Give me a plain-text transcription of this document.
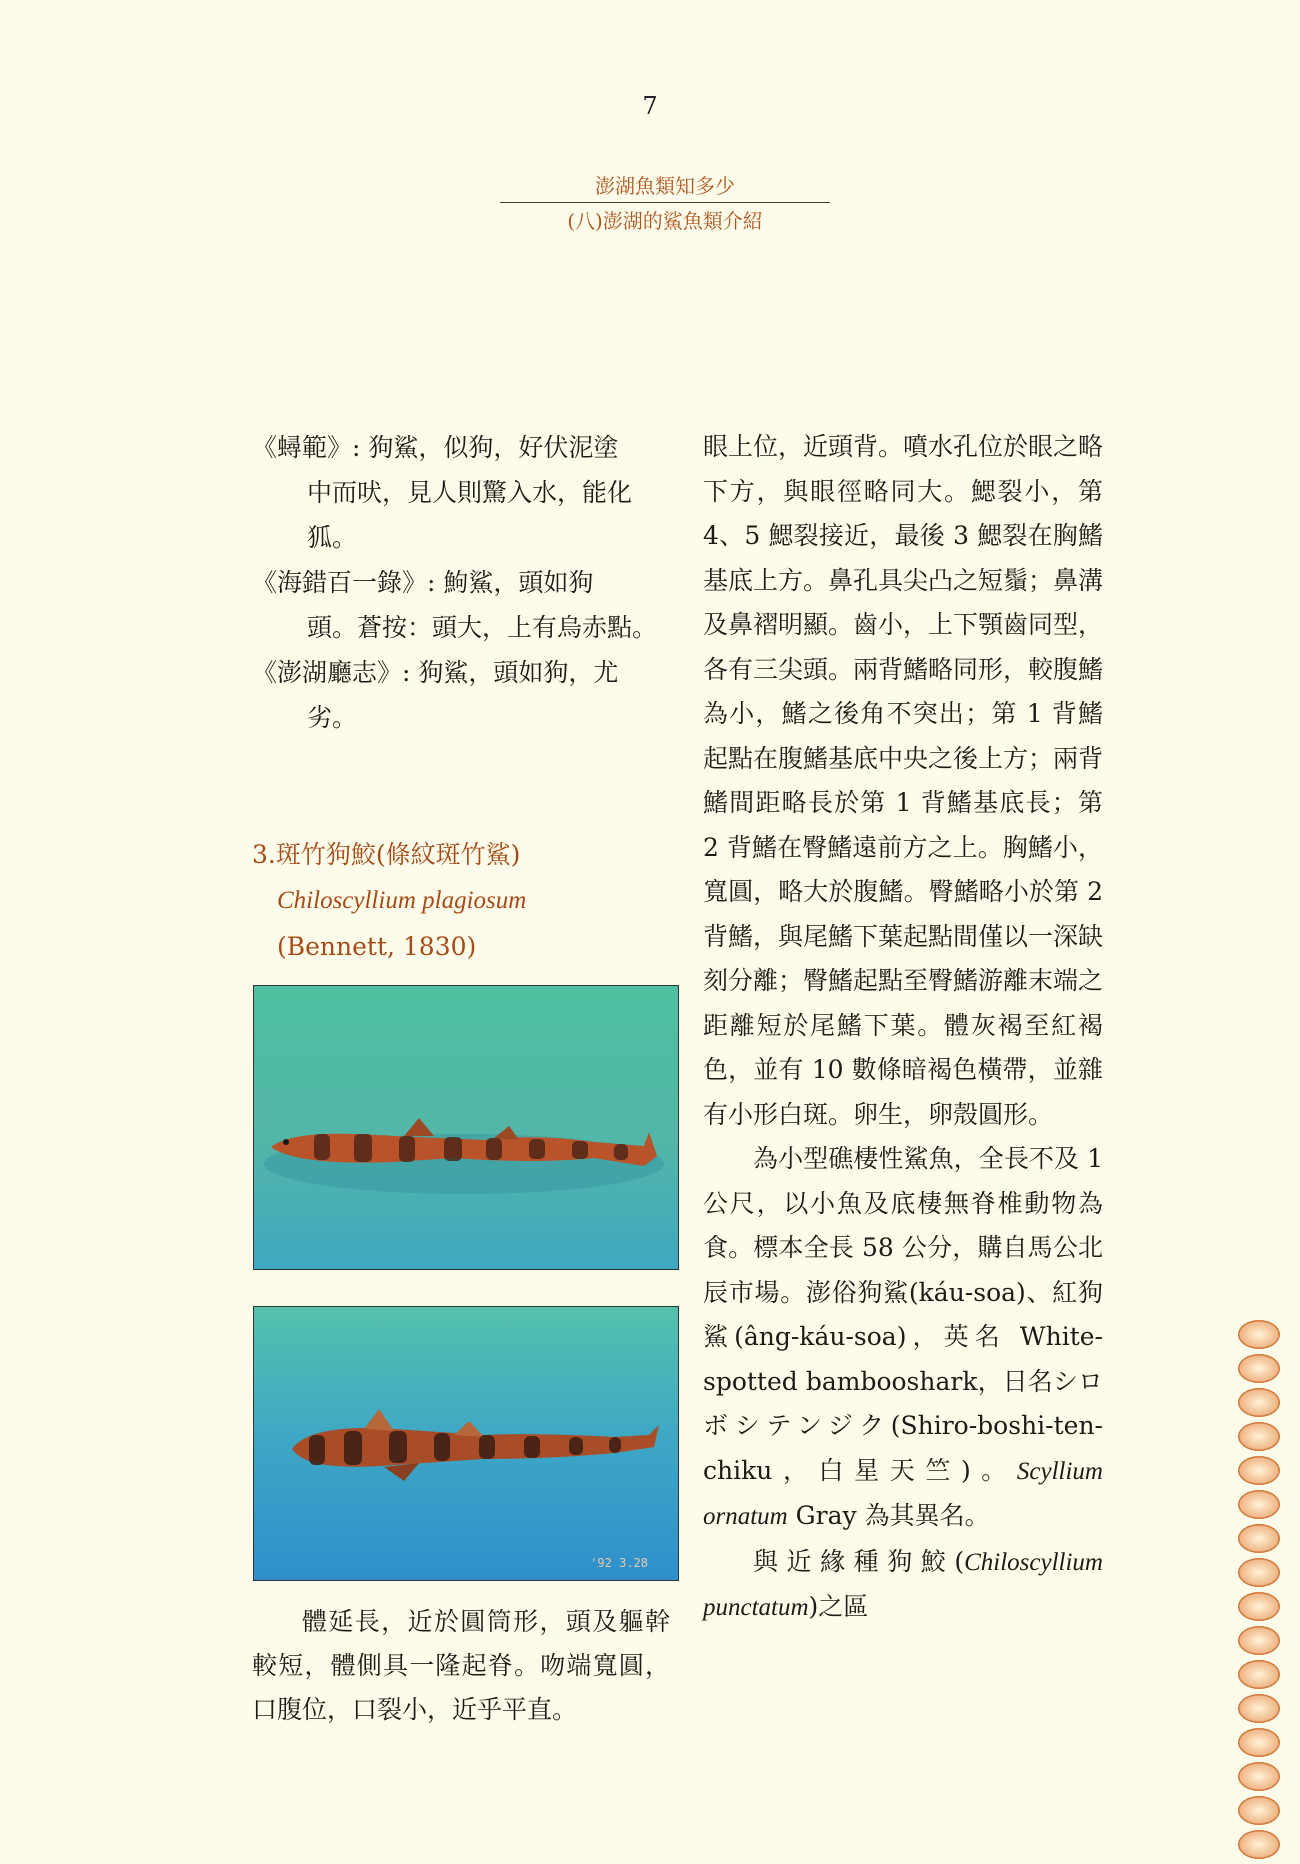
7
澎湖魚類知多少
(八)澎湖的鯊魚類介紹

《蟳範》: 狗鯊，似狗，好伏泥塗
中而吠，見人則驚入水，能化狐。

《海錯百一錄》: 鮈鯊，頭如狗
頭。蒼按：頭大，上有烏赤點。

《澎湖廳志》: 狗鯊，頭如狗，尤
劣。

3.斑竹狗鮫(條紋斑竹鯊)
Chiloscyllium plagiosum
(Bennett, 1830)
'92 3.28

體延長，近於圓筒形，頭及軀幹較短，體側具一隆起脊。吻端寬圓，口腹位，口裂小，近乎平直。

眼上位，近頭背。噴水孔位於眼之略下方，與眼徑略同大。鰓裂小，第 4、5 鰓裂接近，最後 3 鰓裂在胸鰭基底上方。鼻孔具尖凸之短鬚；鼻溝及鼻褶明顯。齒小，上下顎齒同型，各有三尖頭。兩背鰭略同形，較腹鰭為小，鰭之後角不突出；第 1 背鰭起點在腹鰭基底中央之後上方；兩背鰭間距略長於第 1 背鰭基底長；第 2 背鰭在臀鰭遠前方之上。胸鰭小，寬圓，略大於腹鰭。臀鰭略小於第 2 背鰭，與尾鰭下葉起點間僅以一深缺刻分離；臀鰭起點至臀鰭游離末端之距離短於尾鰭下葉。體灰褐至紅褐色，並有 10 數條暗褐色橫帶，並雜有小形白斑。卵生，卵殼圓形。

為小型礁棲性鯊魚，全長不及 1 公尺，以小魚及底棲無脊椎動物為食。標本全長 58 公分，購自馬公北辰市場。澎俗狗鯊(káu-soa)、紅狗鯊(âng-káu-soa)，英名 White-spotted bambooshark，日名シロボシテンジク(Shiro-boshi-ten-chiku，白星天竺)。Scyllium ornatum Gray 為其異名。

與近緣種狗鮫(Chiloscyllium punctatum)之區
